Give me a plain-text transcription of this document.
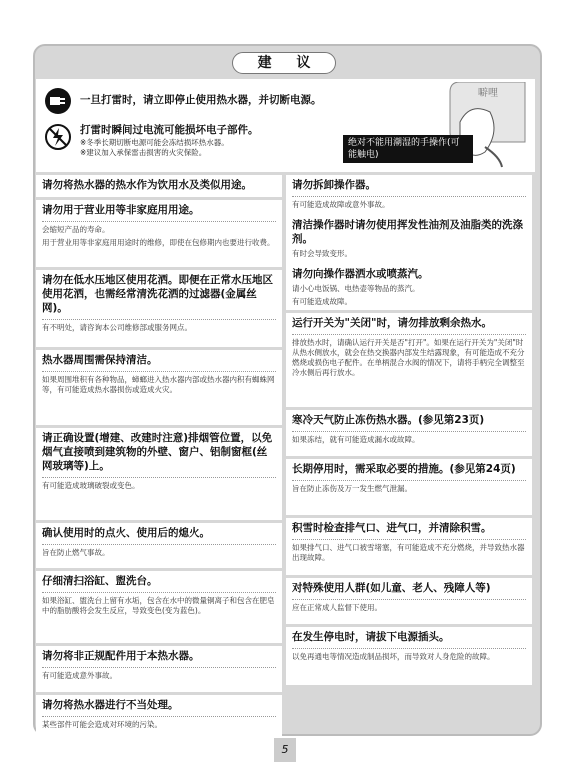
建 议
一旦打雷时，请立即停止使用热水器，并切断电源。
打雷时瞬间过电流可能损坏电子部件。
※冬季长期切断电源可能会冻结损坏热水器。
※建议加入承保雷击损害的火灾保险。
噼哩
绝对不能用潮湿的手操作(可能触电)
请勿将热水器的热水作为饮用水及类似用途。
请勿用于营业用等非家庭用用途。
会缩短产品的寿命。
用于营业用等非家庭用用途时的维修，即使在包修期内也要进行收费。
请勿在低水压地区使用花洒。即便在正常水压地区使用花洒，也需经常清洗花洒的过滤器(金属丝网)。
有不明处，请咨询本公司维修部或服务网点。
热水器周围需保持清洁。
如果周围堆积有各种物品，蟑螂进入热水器内部或热水器内积有蜘蛛网等，有可能造成热水器损伤或造成火灾。
请正确设置(增建、改建时注意)排烟管位置，以免烟气直接喷到建筑物的外壁、窗户、铝制窗框(丝网玻璃等)上。
有可能造成玻璃破裂或变色。
确认使用时的点火、使用后的熄火。
旨在防止燃气事故。
仔细清扫浴缸、盥洗台。
如果浴缸、盥洗台上留有水垢，包含在水中的微量铜离子和包含在肥皂中的脂肪酸将会发生反应，导致变色(变为蓝色)。
请勿将非正规配件用于本热水器。
有可能造成意外事故。
请勿将热水器进行不当处理。
某些部件可能会造成对环境的污染。
请勿拆卸操作器。
有可能造成故障或意外事故。
清洁操作器时请勿使用挥发性油剂及油脂类的洗涤剂。
有时会导致变形。
请勿向操作器洒水或喷蒸汽。
请小心电饭锅、电热壶等物品的蒸汽。
有可能造成故障。
运行开关为"关闭"时，请勿排放剩余热水。
排放热水时，请确认运行开关是否"打开"。如果在运行开关为"关闭"时从热水侧放水，就会在热交换器内部发生结露现象，有可能造成不充分燃烧或损伤电子配件。在单柄混合水阀的情况下，请将手柄完全调整至冷水侧后再行放水。
寒冷天气防止冻伤热水器。(参见第23页)
如果冻结，就有可能造成漏水或故障。
长期停用时，需采取必要的措施。(参见第24页)
旨在防止冻伤及万一发生燃气泄漏。
积雪时检查排气口、进气口，并清除积雪。
如果排气口、进气口被雪堵塞，有可能造成不充分燃烧，并导致热水器出现故障。
对特殊使用人群(如儿童、老人、残障人等)
应在正常成人监督下使用。
在发生停电时，请拔下电源插头。
以免再通电等情况造成制品损坏，而导致对人身危险的故障。
5
